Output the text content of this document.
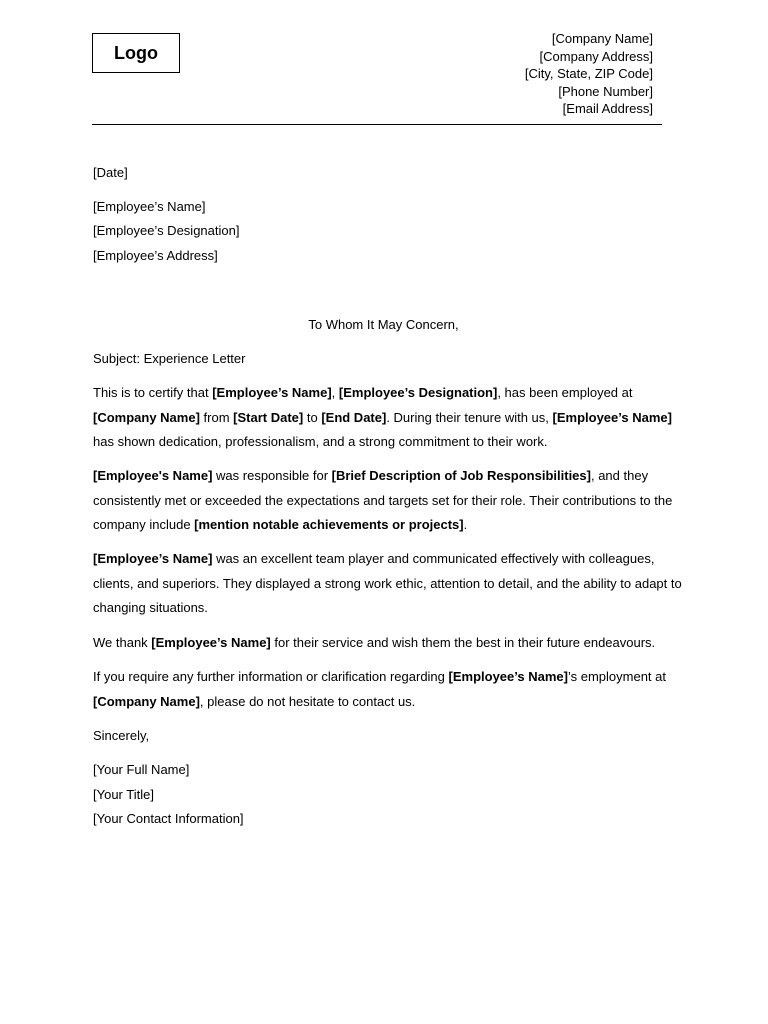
Logo
[Company Name]
[Company Address]
[City, State, ZIP Code]
[Phone Number]
[Email Address]
[Date]
[Employee’s Name]
[Employee’s Designation]
[Employee’s Address]
To Whom It May Concern,
Subject: Experience Letter
This is to certify that [Employee’s Name], [Employee’s Designation], has been employed at
[Company Name] from [Start Date] to [End Date]. During their tenure with us, [Employee’s Name]
has shown dedication, professionalism, and a strong commitment to their work.
[Employee's Name] was responsible for [Brief Description of Job Responsibilities], and they consistently met or exceeded the expectations and targets set for their role. Their contributions to the company include [mention notable achievements or projects].
[Employee’s Name] was an excellent team player and communicated effectively with colleagues, clients, and superiors. They displayed a strong work ethic, attention to detail, and the ability to adapt to changing situations.
We thank [Employee’s Name] for their service and wish them the best in their future endeavours.
If you require any further information or clarification regarding [Employee’s Name]’s employment at
[Company Name], please do not hesitate to contact us.
Sincerely,
[Your Full Name]
[Your Title]
[Your Contact Information]
